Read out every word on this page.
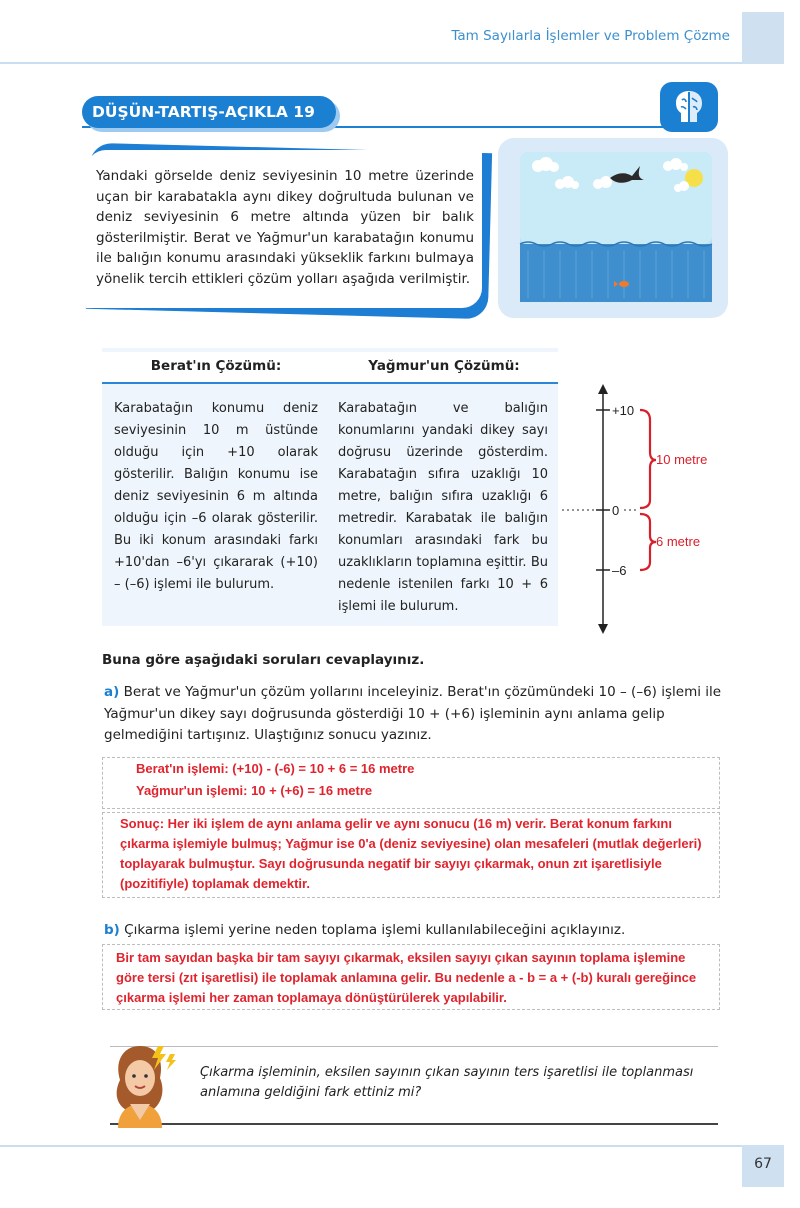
Tam Sayılarla İşlemler ve Problem Çözme
DÜŞÜN-TARTIŞ-AÇIKLA 19
Yandaki görselde deniz seviyesinin 10 metre üzerinde uçan bir karabatakla aynı dikey doğrultuda bulunan ve deniz seviyesinin 6 metre altında yüzen bir balık gösterilmiştir. Berat ve Yağmur'un karabatağın konumu ile balığın konumu arasındaki yükseklik farkını bulmaya yönelik tercih ettikleri çözüm yolları aşağıda verilmiştir.
Berat'ın Çözümü:	Yağmur'un Çözümü:
Karabatağın konumu deniz seviyesinin 10 m üstünde olduğu için +10 olarak gösterilir. Balığın konumu ise deniz seviyesinin 6 m altında olduğu için –6 olarak gösterilir. Bu iki konum arasındaki farkı +10'dan –6'yı çıkararak (+10) – (–6) işlemi ile bulurum.
Karabatağın ve balığın konumlarını yandaki dikey sayı doğrusu üzerinde gösterdim. Karabatağın sıfıra uzaklığı 10 metre, balığın sıfıra uzaklığı 6 metredir. Karabatak ile balığın konumları arasındaki fark bu uzaklıkların toplamına eşittir. Bu nedenle istenilen farkı 10 + 6 işlemi ile bulurum.
+10
0
–6
10 metre
6 metre
Buna göre aşağıdaki soruları cevaplayınız.
a) Berat ve Yağmur'un çözüm yollarını inceleyiniz. Berat'ın çözümündeki 10 – (–6) işlemi ile Yağmur'un dikey sayı doğrusunda gösterdiği 10 + (+6) işleminin aynı anlama gelip gelmediğini tartışınız. Ulaştığınız sonucu yazınız.
Berat'ın işlemi: (+10) - (-6) = 10 + 6 = 16 metre
Yağmur'un işlemi: 10 + (+6) = 16 metre
Sonuç: Her iki işlem de aynı anlama gelir ve aynı sonucu (16 m) verir. Berat konum farkını çıkarma işlemiyle bulmuş; Yağmur ise 0'a (deniz seviyesine) olan mesafeleri (mutlak değerleri) toplayarak bulmuştur. Sayı doğrusunda negatif bir sayıyı çıkarmak, onun zıt işaretlisiyle (pozitifiyle) toplamak demektir.
b) Çıkarma işlemi yerine neden toplama işlemi kullanılabileceğini açıklayınız.
Bir tam sayıdan başka bir tam sayıyı çıkarmak, eksilen sayıyı çıkan sayının toplama işlemine göre tersi (zıt işaretlisi) ile toplamak anlamına gelir. Bu nedenle a - b = a + (-b) kuralı gereğince çıkarma işlemi her zaman toplamaya dönüştürülerek yapılabilir.
Çıkarma işleminin, eksilen sayının çıkan sayının ters işaretlisi ile toplanması anlamına geldiğini fark ettiniz mi?
67
